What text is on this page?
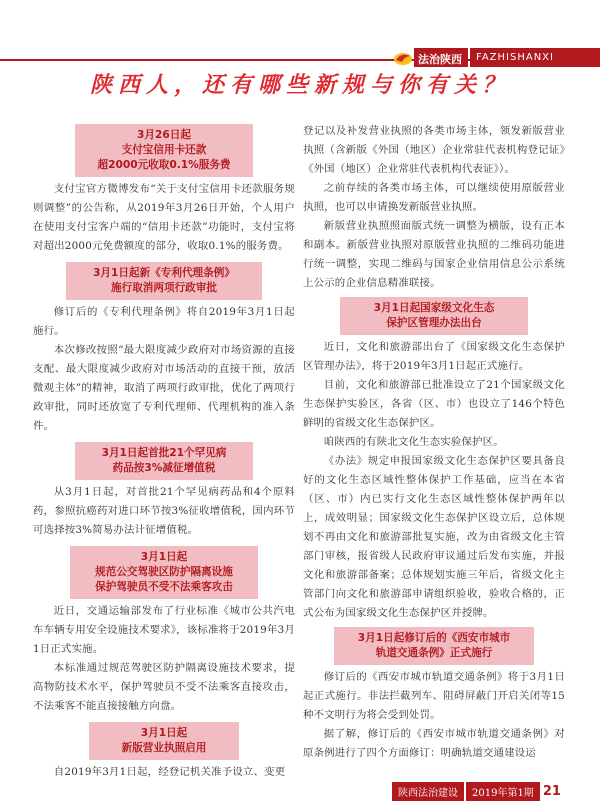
法治陕西	FAZHISHANXI
陕西人，还有哪些新规与你有关？
3月26日起
支付宝信用卡还款
超2000元收取0.1%服务费

支付宝官方微博发布“关于支付宝信用卡还款服务规则调整”的公告称，从2019年3月26日开始，个人用户在使用支付宝客户端的“信用卡还款”功能时，支付宝将对超出2000元免费额度的部分，收取0.1%的服务费。

3月1日起新《专利代理条例》
施行取消两项行政审批

修订后的《专利代理条例》将自2019年3月1日起施行。

本次修改按照“最大限度减少政府对市场资源的直接支配、最大限度减少政府对市场活动的直接干预，放活微观主体”的精神，取消了两项行政审批，优化了两项行政审批，同时还放宽了专利代理师、代理机构的准入条件。

3月1日起首批21个罕见病
药品按3%减征增值税

从3月1日起，对首批21个罕见病药品和4个原料药，参照抗癌药对进口环节按3%征收增值税，国内环节可选择按3%简易办法计征增值税。

3月1日起
规范公交驾驶区防护隔离设施
保护驾驶员不受不法乘客攻击

近日，交通运输部发布了行业标准《城市公共汽电车车辆专用安全设施技术要求》，该标准将于2019年3月1日正式实施。

本标准通过规范驾驶区防护隔离设施技术要求，提高物防技术水平，保护驾驶员不受不法乘客直接攻击，不法乘客不能直接接触方向盘。

3月1日起
新版营业执照启用

自2019年3月1日起，经登记机关准予设立、变更

登记以及补发营业执照的各类市场主体，领发新版营业执照（含新版《外国（地区）企业常驻代表机构登记证》《外国（地区）企业常驻代表机构代表证》）。

之前存续的各类市场主体，可以继续使用原版营业执照，也可以申请换发新版营业执照。

新版营业执照照面版式统一调整为横版，设有正本和副本。新版营业执照对原版营业执照的二维码功能进行统一调整，实现二维码与国家企业信用信息公示系统上公示的企业信息精准联接。

3月1日起国家级文化生态
保护区管理办法出台

近日，文化和旅游部出台了《国家级文化生态保护区管理办法》，将于2019年3月1日起正式施行。

目前，文化和旅游部已批准设立了21个国家级文化生态保护实验区，各省（区、市）也设立了146个特色鲜明的省级文化生态保护区。

咱陕西的有陕北文化生态实验保护区。

《办法》规定申报国家级文化生态保护区要具备良好的文化生态区域性整体保护工作基础，应当在本省（区、市）内已实行文化生态区域性整体保护两年以上，成效明显；国家级文化生态保护区设立后，总体规划不再由文化和旅游部批复实施，改为由省级文化主管部门审核，报省级人民政府审议通过后发布实施，并报文化和旅游部备案；总体规划实施三年后，省级文化主管部门向文化和旅游部申请组织验收，验收合格的，正式公布为国家级文化生态保护区并授牌。

3月1日起修订后的《西安市城市
轨道交通条例》正式施行

修订后的《西安市城市轨道交通条例》将于3月1日起正式施行。非法拦截列车、阻碍屏蔽门开启关闭等15种不文明行为将会受到处罚。

据了解，修订后的《西安市城市轨道交通条例》对原条例进行了四个方面修订：明确轨道交通建设运

陕西法治建设	2019年第1期 21
